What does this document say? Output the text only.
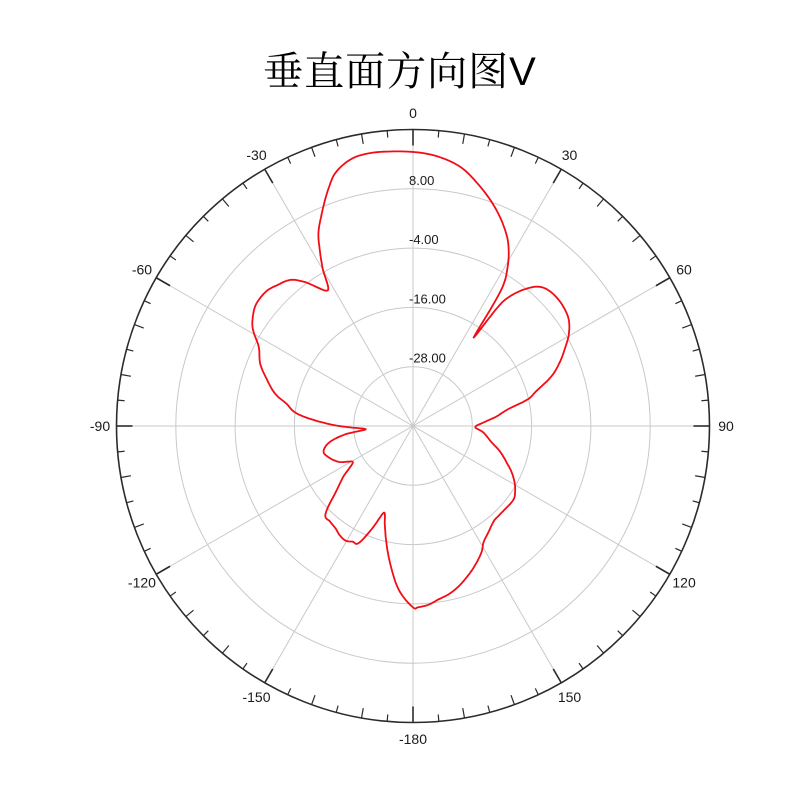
垂直面方向图V
0
30
60
90
120
150
-180
-150
-120
-90
-60
-30
8.00
-4.00
-16.00
-28.00
